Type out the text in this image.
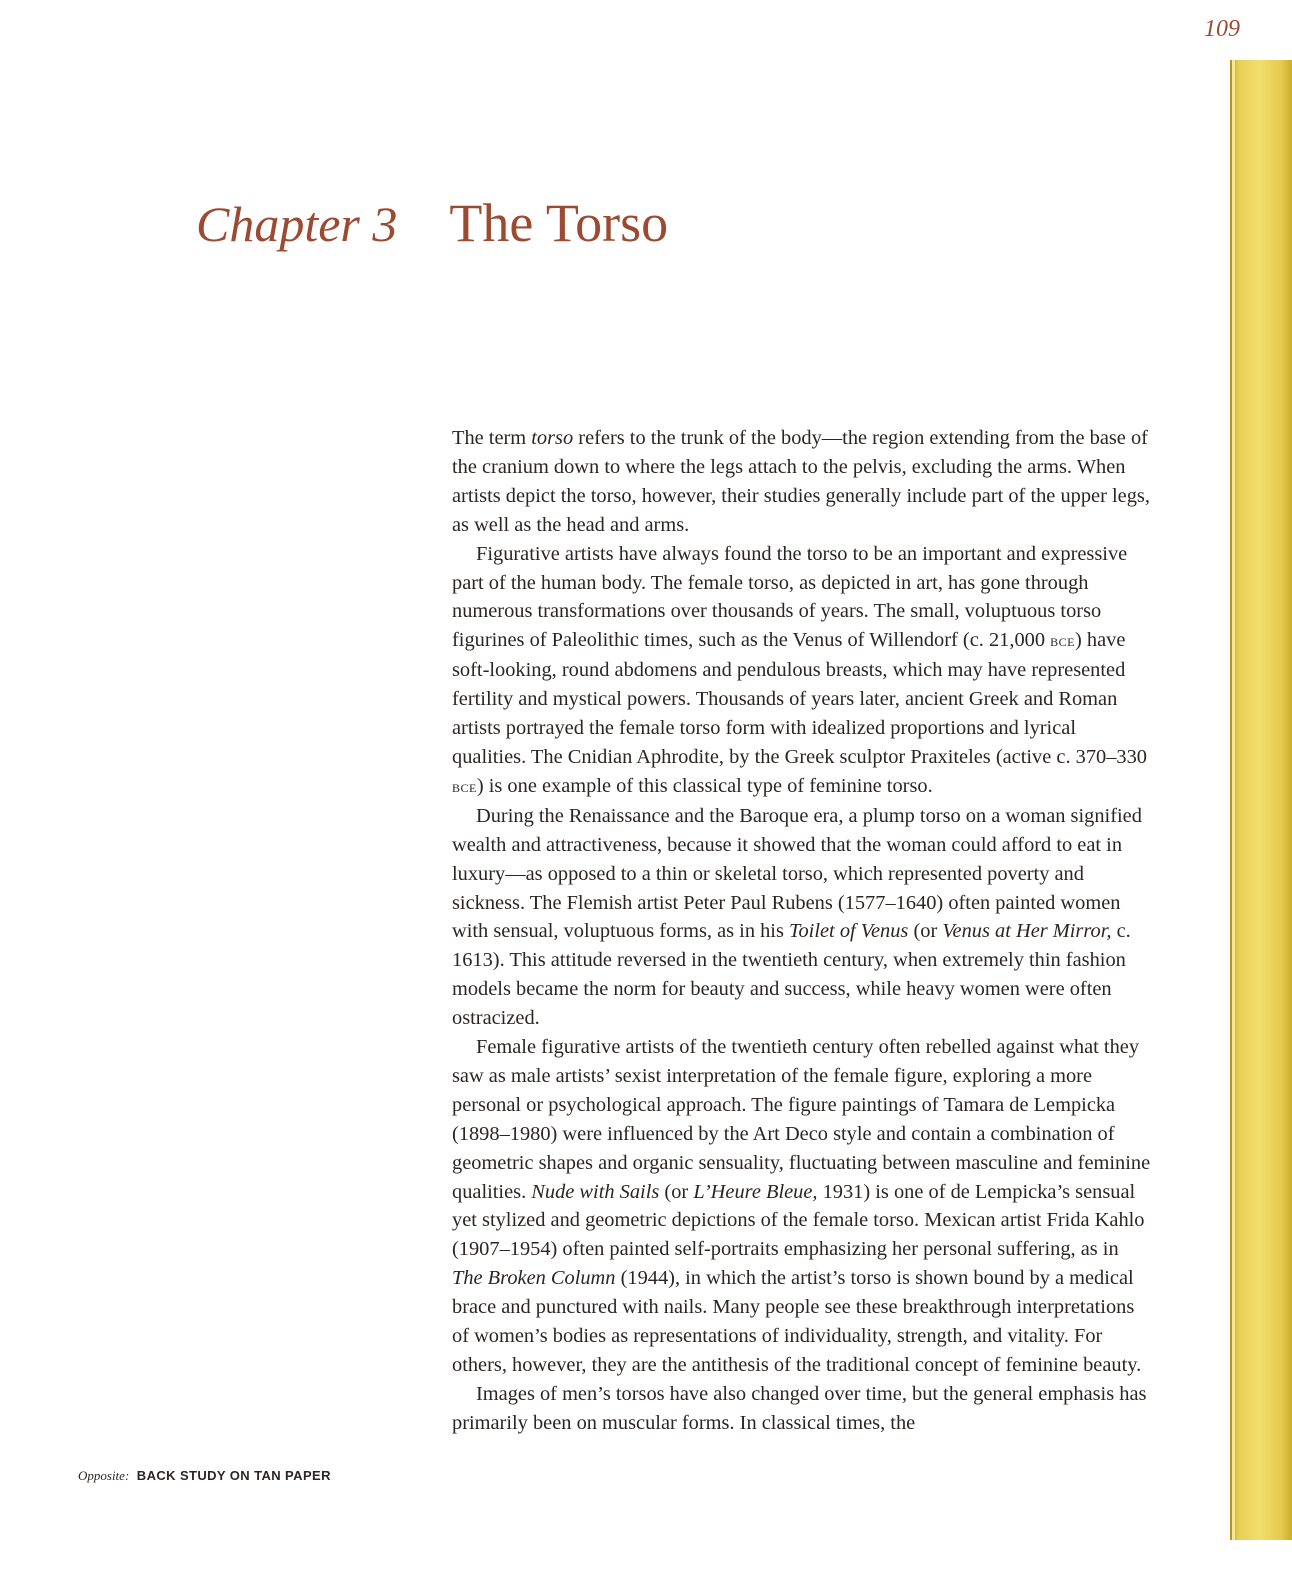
109
Chapter 3 The Torso

The term torso refers to the trunk of the body—the region extending from the base of the cranium down to where the legs attach to the pelvis, excluding the arms. When artists depict the torso, however, their studies generally include part of the upper legs, as well as the head and arms.

Figurative artists have always found the torso to be an important and expressive part of the human body. The female torso, as depicted in art, has gone through numerous transformations over thousands of years. The small, voluptuous torso figurines of Paleolithic times, such as the Venus of Willendorf (c. 21,000 bce) have soft-looking, round abdomens and pendulous breasts, which may have represented fertility and mystical powers. Thousands of years later, ancient Greek and Roman artists portrayed the female torso form with idealized proportions and lyrical qualities. The Cnidian Aphrodite, by the Greek sculptor Praxiteles (active c. 370–330 bce) is one example of this classical type of feminine torso.

During the Renaissance and the Baroque era, a plump torso on a woman signified wealth and attractiveness, because it showed that the woman could afford to eat in luxury—as opposed to a thin or skeletal torso, which represented poverty and sickness. The Flemish artist Peter Paul Rubens (1577–1640) often painted women with sensual, voluptuous forms, as in his Toilet of Venus (or Venus at Her Mirror, c. 1613). This attitude reversed in the twentieth century, when extremely thin fashion models became the norm for beauty and success, while heavy women were often ostracized.

Female figurative artists of the twentieth century often rebelled against what they saw as male artists’ sexist interpretation of the female figure, exploring a more personal or psychological approach. The figure paintings of Tamara de Lempicka (1898–1980) were influenced by the Art Deco style and contain a combination of geometric shapes and organic sensuality, fluctuating between masculine and feminine qualities. Nude with Sails (or L’Heure Bleue, 1931) is one of de Lempicka’s sensual yet stylized and geometric depictions of the female torso. Mexican artist Frida Kahlo (1907–1954) often painted self-portraits emphasizing her personal suffering, as in The Broken Column (1944), in which the artist’s torso is shown bound by a medical brace and punctured with nails. Many people see these breakthrough interpretations of women’s bodies as representations of individuality, strength, and vitality. For others, however, they are the antithesis of the traditional concept of feminine beauty.

Images of men’s torsos have also changed over time, but the general emphasis has primarily been on muscular forms. In classical times, the

Opposite: BACK STUDY ON TAN PAPER
